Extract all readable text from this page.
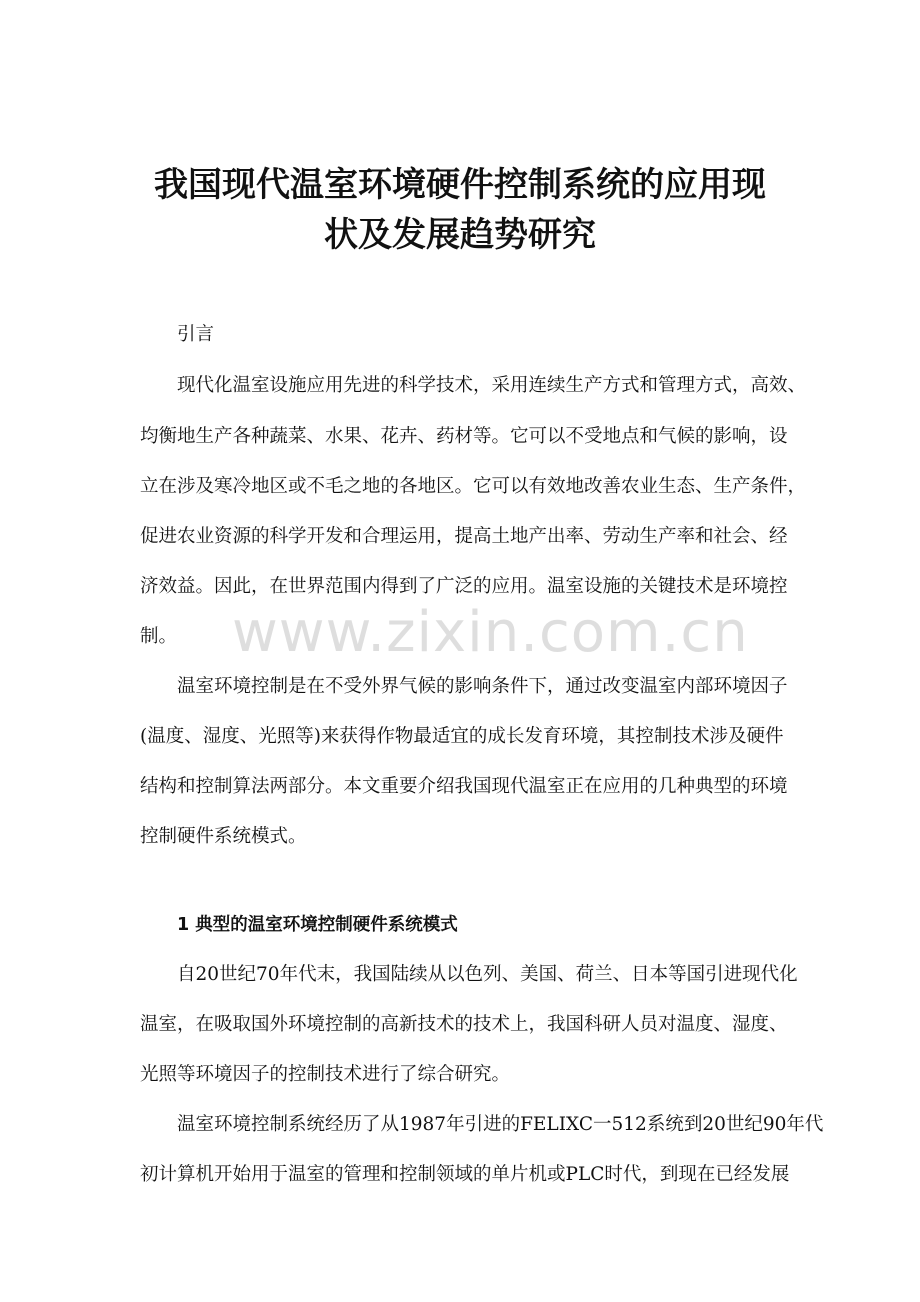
我国现代温室环境硬件控制系统的应用现
状及发展趋势研究

引言

现代化温室设施应用先进的科学技术，采用连续生产方式和管理方式，高效、

均衡地生产各种蔬菜、水果、花卉、药材等。它可以不受地点和气候的影响，设

立在涉及寒冷地区或不毛之地的各地区。它可以有效地改善农业生态、生产条件，

促进农业资源的科学开发和合理运用，提高土地产出率、劳动生产率和社会、经

济效益。因此，在世界范围内得到了广泛的应用。温室设施的关键技术是环境控

制。

温室环境控制是在不受外界气候的影响条件下，通过改变温室内部环境因子

(温度、湿度、光照等)来获得作物最适宜的成长发育环境，其控制技术涉及硬件

结构和控制算法两部分。本文重要介绍我国现代温室正在应用的几种典型的环境

控制硬件系统模式。

1 典型的温室环境控制硬件系统模式

自20世纪70年代末，我国陆续从以色列、美国、荷兰、日本等国引进现代化

温室，在吸取国外环境控制的高新技术的技术上，我国科研人员对温度、湿度、

光照等环境因子的控制技术进行了综合研究。

温室环境控制系统经历了从1987年引进的FELIXC一512系统到20世纪90年代

初计算机开始用于温室的管理和控制领域的单片机或PLC时代，到现在已经发展

www.zixin.com.cn
